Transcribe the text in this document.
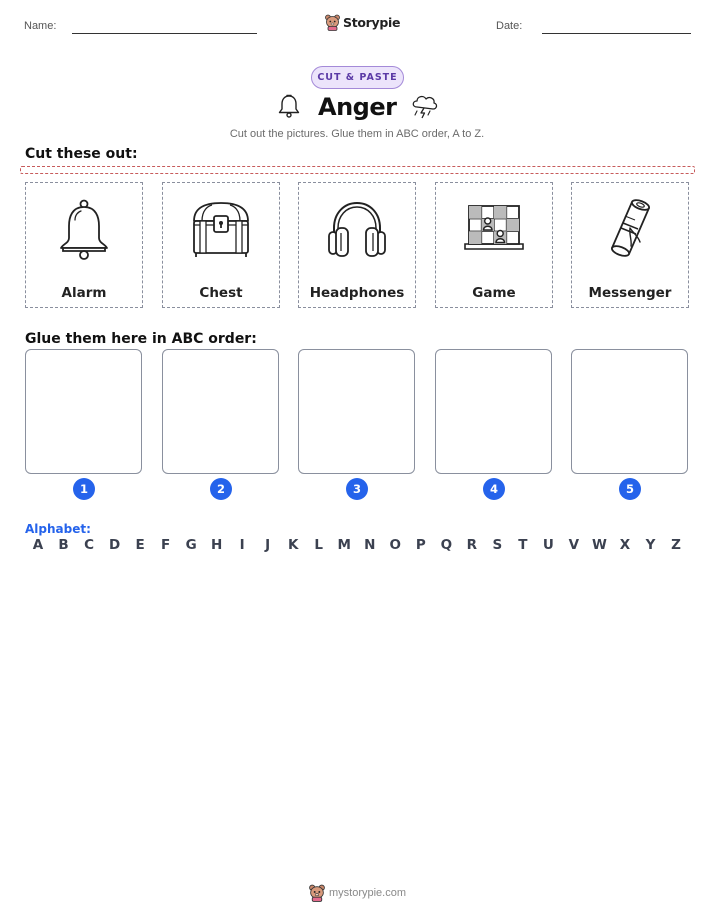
Name:	Storypie	Date:
CUT & PASTE
Anger
Cut out the pictures. Glue them in ABC order, A to Z.
Cut these out:
Alarm	Chest	Headphones	Game	Messenger
Glue them here in ABC order:
1	2	3	4	5
Alphabet:
A	B	C	D	E	F	G	H	I	J	K	L	M N	O	P	Q	R	S	T	U	V W X	Y	Z
mystorypie.com
